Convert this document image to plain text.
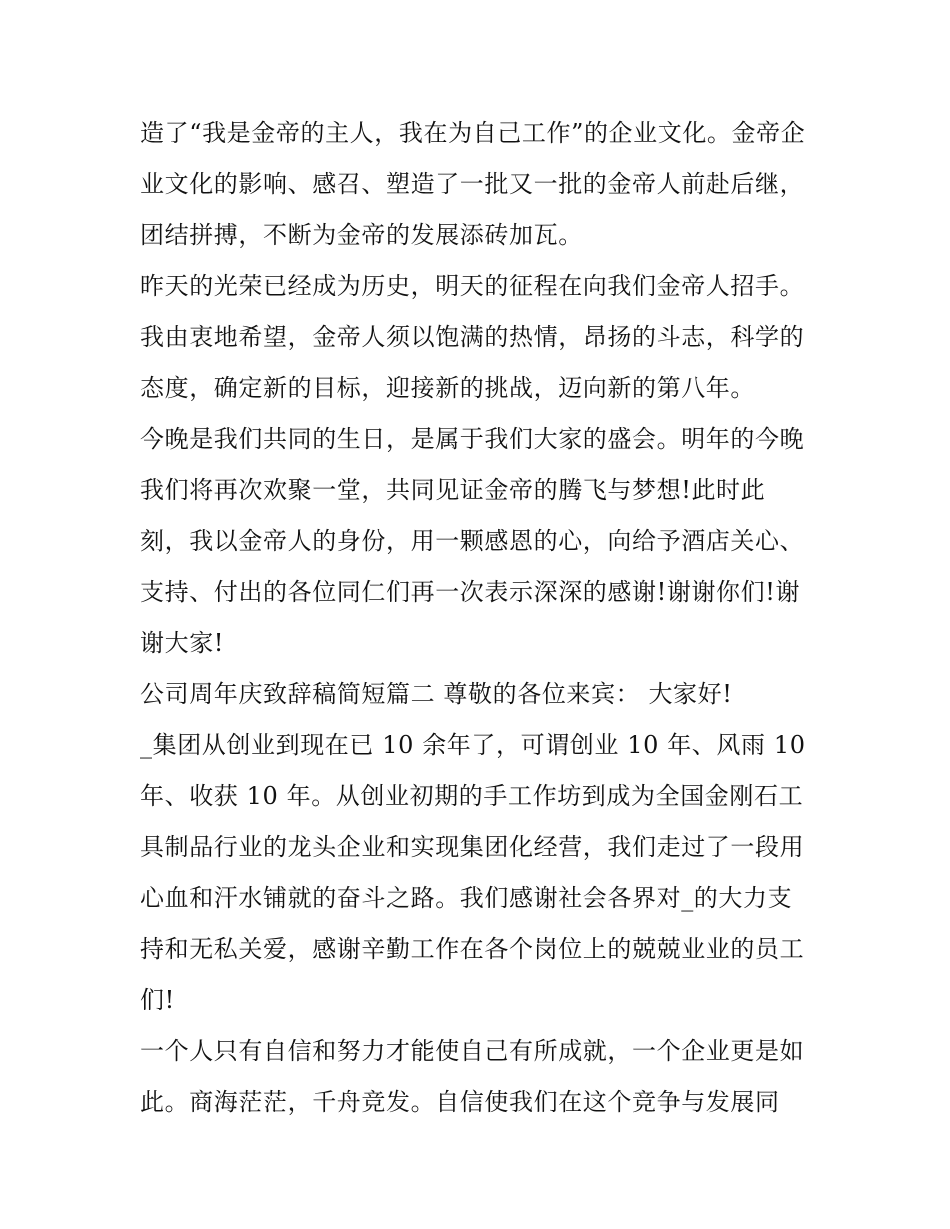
造了“我是金帝的主人，我在为自己工作”的企业文化。金帝企
业文化的影响、感召、塑造了一批又一批的金帝人前赴后继，
团结拼搏，不断为金帝的发展添砖加瓦。
昨天的光荣已经成为历史，明天的征程在向我们金帝人招手。
我由衷地希望，金帝人须以饱满的热情，昂扬的斗志，科学的
态度，确定新的目标，迎接新的挑战，迈向新的第八年。
今晚是我们共同的生日，是属于我们大家的盛会。明年的今晚
我们将再次欢聚一堂，共同见证金帝的腾飞与梦想!此时此
刻，我以金帝人的身份，用一颗感恩的心，向给予酒店关心、
支持、付出的各位同仁们再一次表示深深的感谢!谢谢你们!谢
谢大家!
公司周年庆致辞稿简短篇二 尊敬的各位来宾： 大家好!
_集团从创业到现在已 10 余年了，可谓创业 10 年、风雨 10
年、收获 10 年。从创业初期的手工作坊到成为全国金刚石工
具制品行业的龙头企业和实现集团化经营，我们走过了一段用
心血和汗水铺就的奋斗之路。我们感谢社会各界对_的大力支
持和无私关爱，感谢辛勤工作在各个岗位上的兢兢业业的员工
们!
一个人只有自信和努力才能使自己有所成就，一个企业更是如
此。商海茫茫，千舟竞发。自信使我们在这个竞争与发展同
